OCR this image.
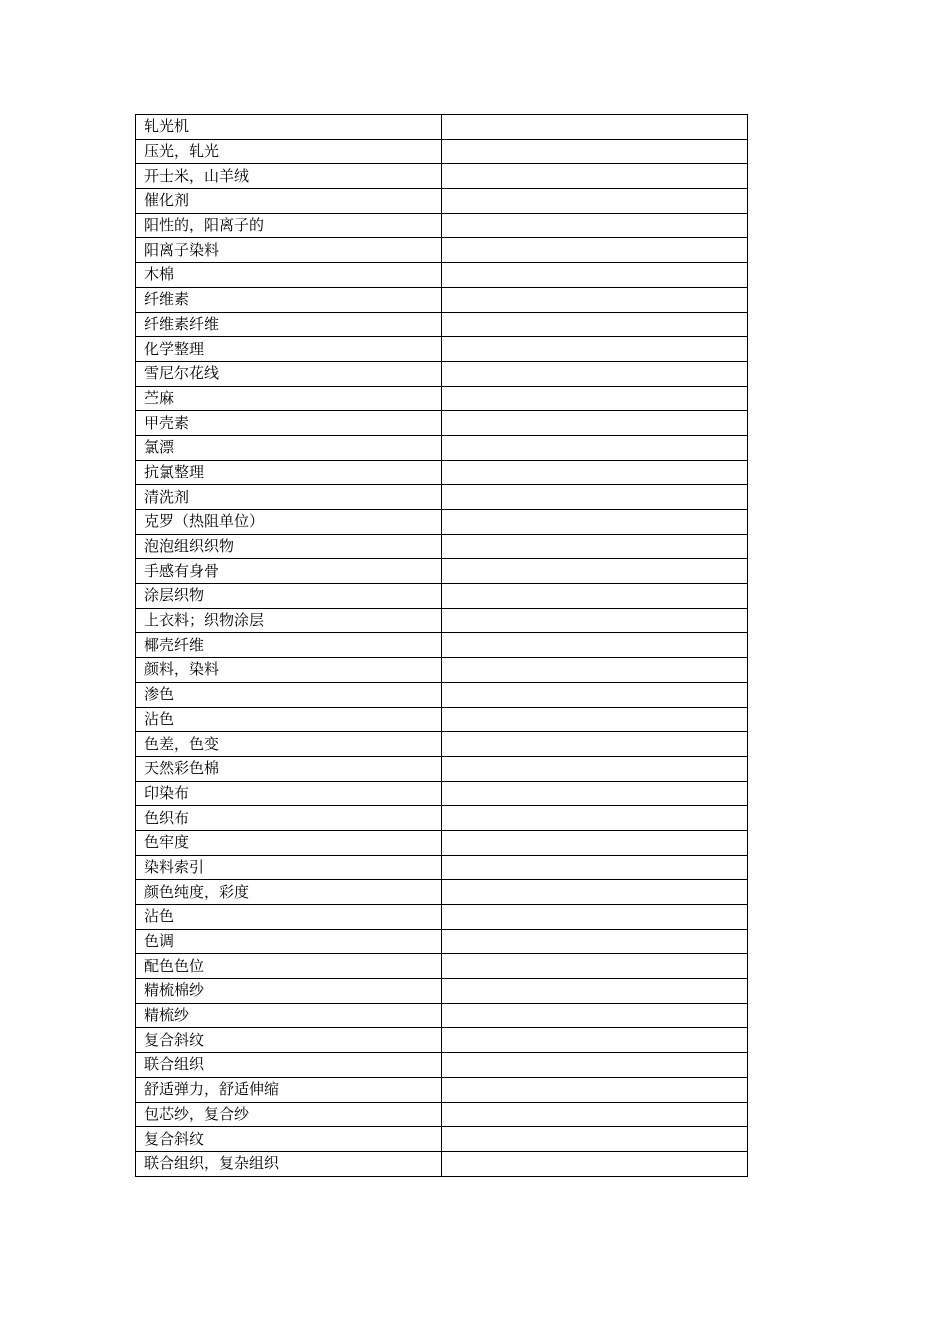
轧光机	
压光，轧光	
开士米，山羊绒	
催化剂	
阳性的，阳离子的	
阳离子染料	
木棉	
纤维素	
纤维素纤维	
化学整理	
雪尼尔花线	
苎麻	
甲壳素	
氯漂	
抗氯整理	
清洗剂	
克罗（热阻单位）	
泡泡组织织物	
手感有身骨	
涂层织物	
上衣料；织物涂层	
椰壳纤维	
颜料，染料	
渗色	
沾色	
色差，色变	
天然彩色棉	
印染布	
色织布	
色牢度	
染料索引	
颜色纯度，彩度	
沾色	
色调	
配色色位	
精梳棉纱	
精梳纱	
复合斜纹	
联合组织	
舒适弹力，舒适伸缩	
包芯纱，复合纱	
复合斜纹	
联合组织，复杂组织	
